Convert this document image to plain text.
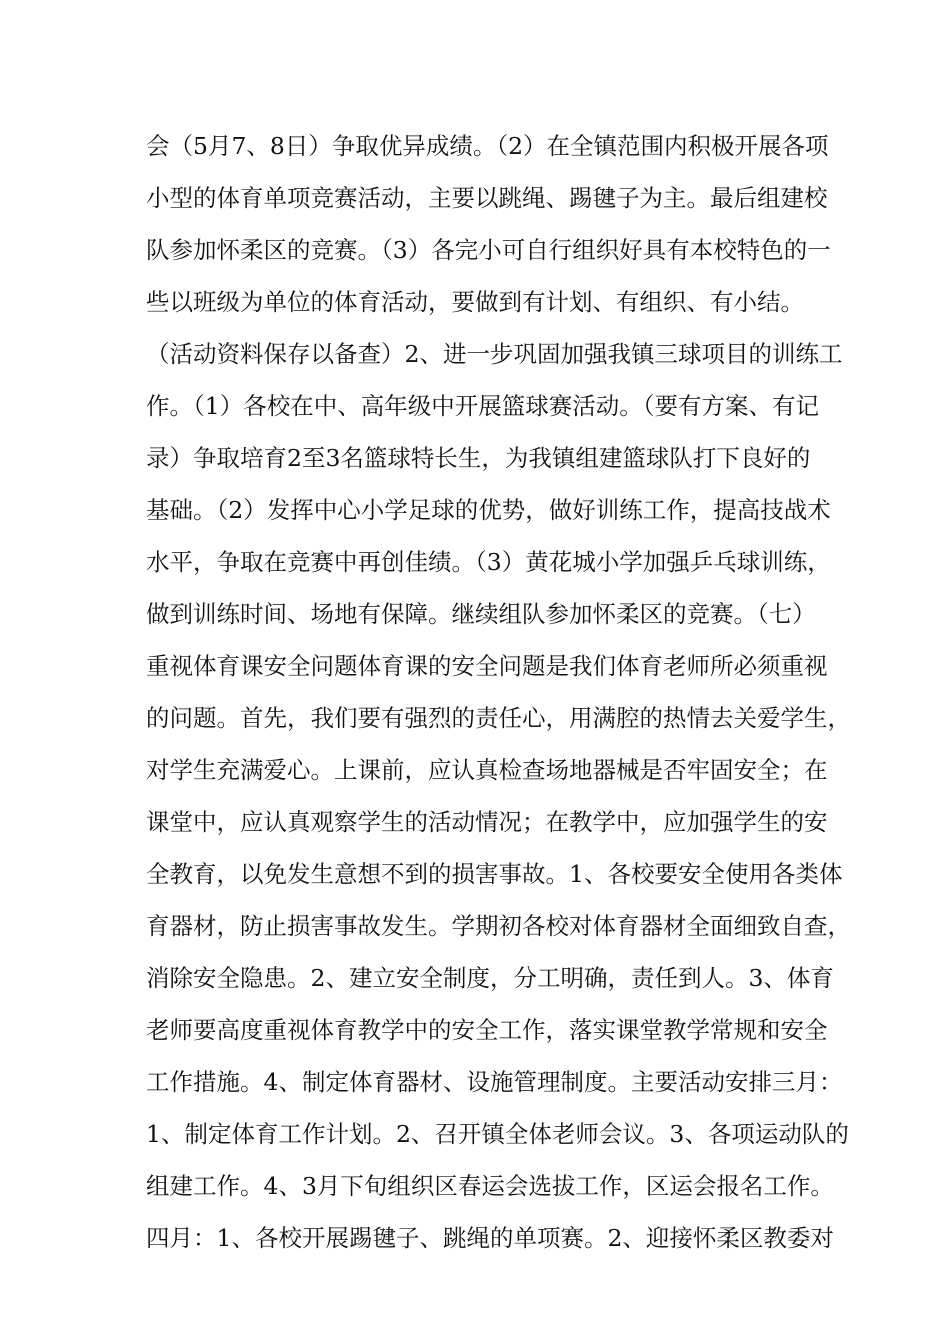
会（5月7、8日）争取优异成绩。（2）在全镇范围内积极开展各项
小型的体育单项竞赛活动，主要以跳绳、踢毽子为主。最后组建校
队参加怀柔区的竞赛。（3）各完小可自行组织好具有本校特色的一
些以班级为单位的体育活动，要做到有计划、有组织、有小结。
（活动资料保存以备查）2、进一步巩固加强我镇三球项目的训练工
作。（1）各校在中、高年级中开展篮球赛活动。（要有方案、有记
录）争取培育2至3名篮球特长生，为我镇组建篮球队打下良好的
基础。（2）发挥中心小学足球的优势，做好训练工作，提高技战术
水平，争取在竞赛中再创佳绩。（3）黄花城小学加强乒乓球训练，
做到训练时间、场地有保障。继续组队参加怀柔区的竞赛。（七）
重视体育课安全问题体育课的安全问题是我们体育老师所必须重视
的问题。首先，我们要有强烈的责任心，用满腔的热情去关爱学生，
对学生充满爱心。上课前，应认真检查场地器械是否牢固安全；在
课堂中，应认真观察学生的活动情况；在教学中，应加强学生的安
全教育，以免发生意想不到的损害事故。1、各校要安全使用各类体
育器材，防止损害事故发生。学期初各校对体育器材全面细致自查，
消除安全隐患。2、建立安全制度，分工明确，责任到人。3、体育
老师要高度重视体育教学中的安全工作，落实课堂教学常规和安全
工作措施。4、制定体育器材、设施管理制度。主要活动安排三月：
1、制定体育工作计划。2、召开镇全体老师会议。3、各项运动队的
组建工作。4、3月下旬组织区春运会选拔工作，区运会报名工作。
四月：1、各校开展踢毽子、跳绳的单项赛。2、迎接怀柔区教委对
